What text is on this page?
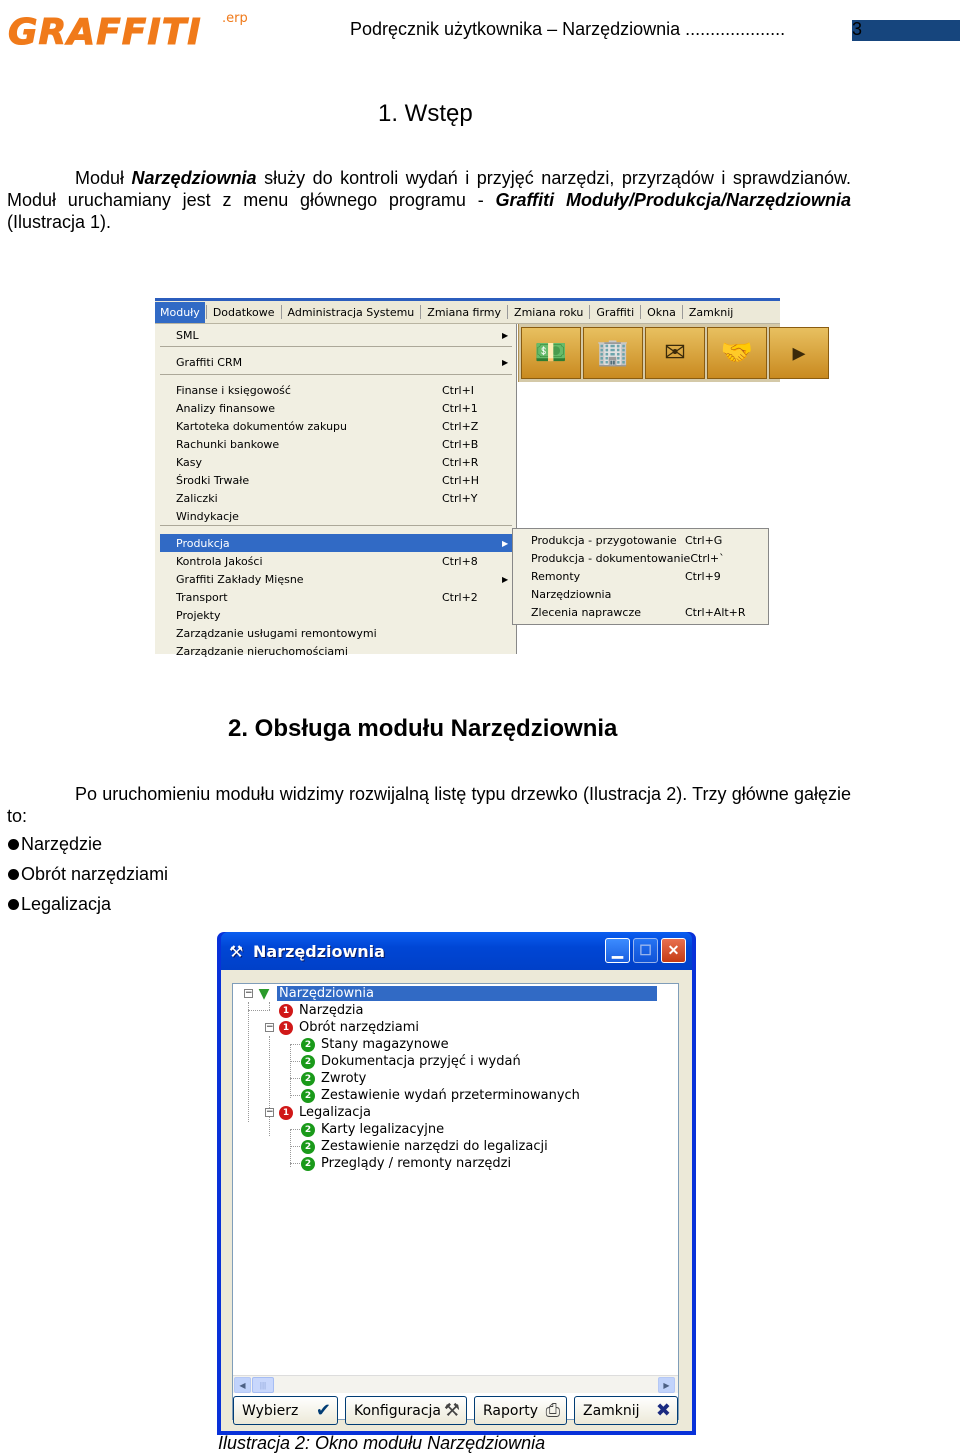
GRAFFITI .erp
Podręcznik użytkownika – Narzędziownia ....................	3
1. Wstęp
Moduł Narzędziownia służy do kontroli wydań i przyjęć narzędzi, przyrządów i sprawdzianów. Moduł uruchamiany jest z menu głównego programu - Graffiti Moduły/Produkcja/Narzędziownia (Ilustracja 1).
Moduły	Dodatkowe	Administracja Systemu	Zmiana firmy	Zmiana roku	Graffiti	Okna	Zamknij
💵	🏢	✉	🤝	▸
SML	▶
Graffiti CRM	▶
Finanse i księgowość	Ctrl+I
Analizy finansowe	Ctrl+1
Kartoteka dokumentów zakupu	Ctrl+Z
Rachunki bankowe	Ctrl+B
Kasy	Ctrl+R
Środki Trwałe	Ctrl+H
Zaliczki	Ctrl+Y
Windykacje
Produkcja	▶
Kontrola Jakości	Ctrl+8
Graffiti Zakłady Mięsne	▶
Transport	Ctrl+2
Projekty
Zarządzanie usługami remontowymi
Zarządzanie nieruchomościami
Produkcja - przygotowanie Ctrl+G
Produkcja - dokumentowanie Ctrl+`
Remonty	Ctrl+9
Narzędziownia
Zlecenia naprawcze	Ctrl+Alt+R
2. Obsługa modułu Narzędziownia
Po uruchomieniu modułu widzimy rozwijalną listę typu drzewko (Ilustracja 2). Trzy główne gałęzie to:
Narzędzie
Obrót narzędziami
Legalizacja
⚒ Narzędziownia	▁	☐	✕
− ▼ Narzędziownia
1 Narzędzia
−	1 Obrót narzędziami
2 Stany magazynowe
2 Dokumentacja przyjęć i wydań
2 Zwroty
2 Zestawienie wydań przeterminowanych
−	1 Legalizacja
2 Karty legalizacyjne
2 Zestawienie narzędzi do legalizacji
2 Przeglądy / remonty narzędzi
◀	|||	▶
Wybierz ✔ Konfiguracja ⚒ Raporty ⎙ Zamknij ✖
Ilustracja 2: Okno modułu Narzędziownia
